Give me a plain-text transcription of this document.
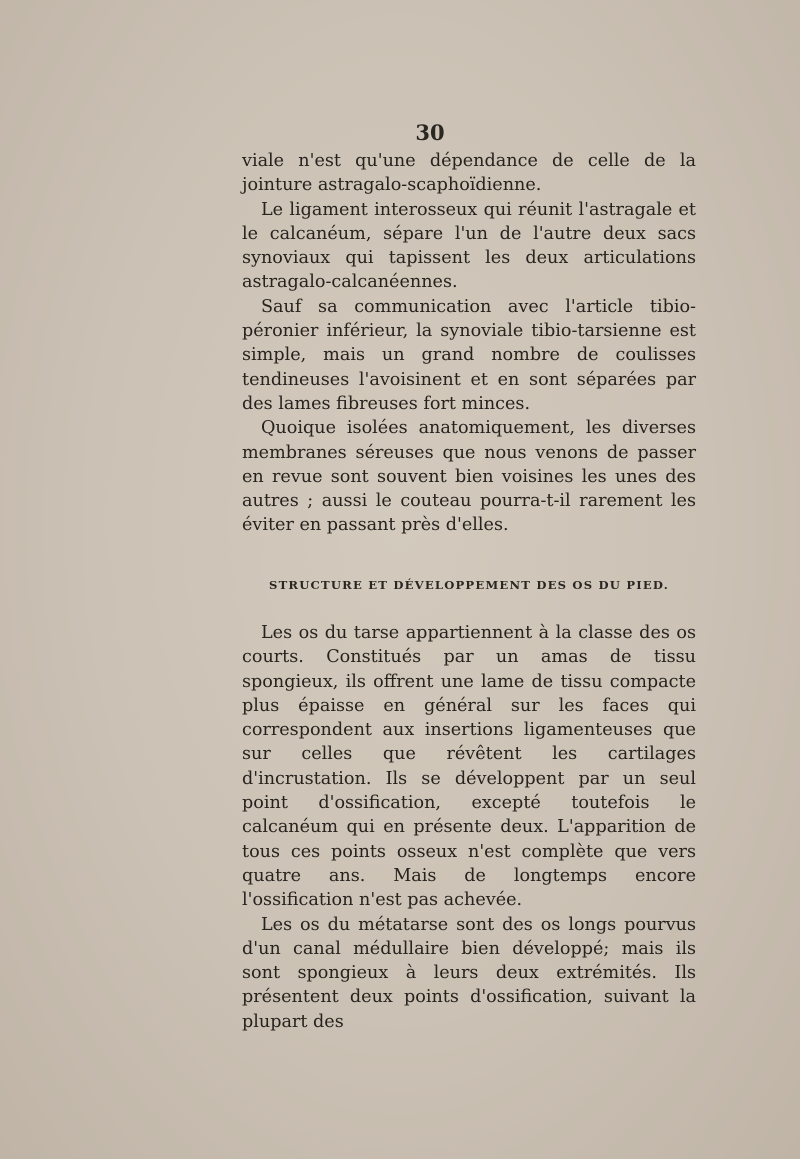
30

viale n'est qu'une dépendance de celle de la jointure astragalo-scaphoïdienne.

Le ligament interosseux qui réunit l'astragale et le calcanéum, sépare l'un de l'autre deux sacs synoviaux qui tapissent les deux articulations astragalo-calcanéennes.

Sauf sa communication avec l'article tibio-péronier inférieur, la synoviale tibio-tarsienne est simple, mais un grand nombre de coulisses tendineuses l'avoisinent et en sont séparées par des lames fibreuses fort minces.

Quoique isolées anatomiquement, les diverses membranes séreuses que nous venons de passer en revue sont souvent bien voisines les unes des autres ; aussi le couteau pourra-t-il rarement les éviter en passant près d'elles.

STRUCTURE ET DÉVELOPPEMENT DES OS DU PIED.

Les os du tarse appartiennent à la classe des os courts. Constitués par un amas de tissu spongieux, ils offrent une lame de tissu compacte plus épaisse en général sur les faces qui correspondent aux insertions ligamenteuses que sur celles que révêtent les cartilages d'incrustation. Ils se développent par un seul point d'ossification, excepté toutefois le calcanéum qui en présente deux. L'apparition de tous ces points osseux n'est complète que vers quatre ans. Mais de longtemps encore l'ossification n'est pas achevée.

Les os du métatarse sont des os longs pourvus d'un canal médullaire bien développé; mais ils sont spongieux à leurs deux extrémités. Ils présentent deux points d'ossification, suivant la plupart des
